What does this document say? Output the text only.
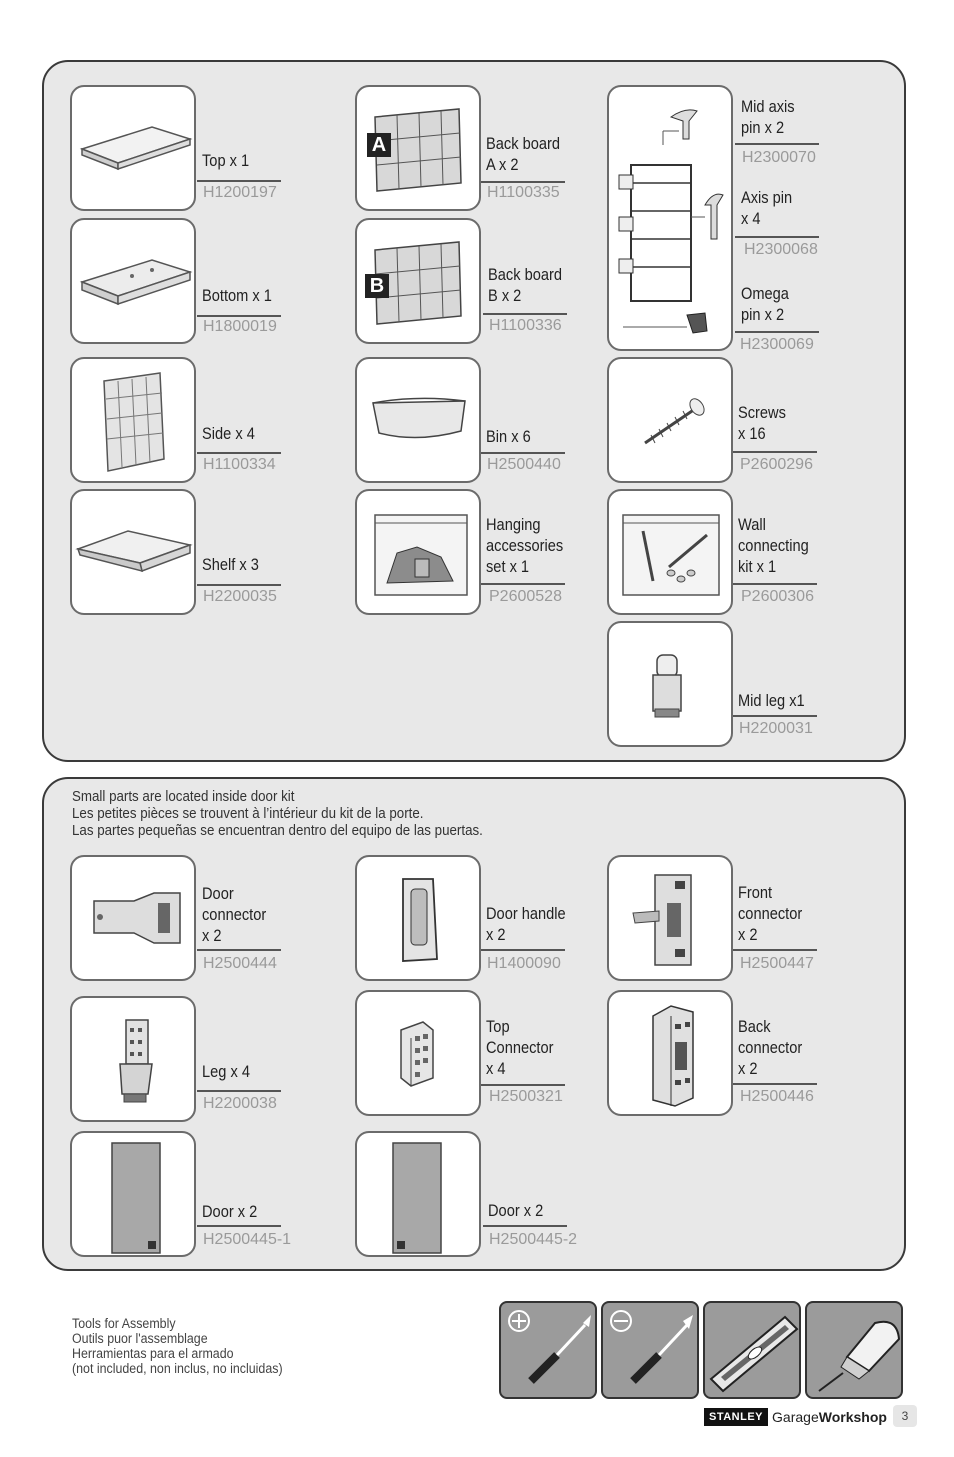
Top x 1
H1200197
Bottom x 1
H1800019
Side x 4
H1100334
Shelf x 3
H2200035
A	Back board
A x 2
H1100335
B
Back board
B x 2
H1100336
Bin x 6
H2500440
Hanging
accessories
set x 1
P2600528
Mid axis
pin x 2
H2300070
Axis pin
x 4
H2300068
Omega
pin x 2
H2300069
Screws
x 16
P2600296
Wall
connecting
kit x 1
P2600306
Mid leg x1
H2200031
Small parts are located inside door kit
Les petites pièces se trouvent à l’intérieur du kit de la porte.
Las partes pequeñas se encuentran dentro del equipo de las puertas.
Door
connector
x 2
H2500444
Leg x 4
H2200038
Door x 2
H2500445-1
Door handle
x 2
H1400090
Top
Connector
x 4
H2500321
Door x 2
H2500445-2
Front
connector
x 2
H2500447
Back
connector
x 2
H2500446
Tools for Assembly
Outils puor l'assemblage
Herramientas para el armado
(not included, non inclus, no incluidas)
STANLEY GarageWorkshop	3
